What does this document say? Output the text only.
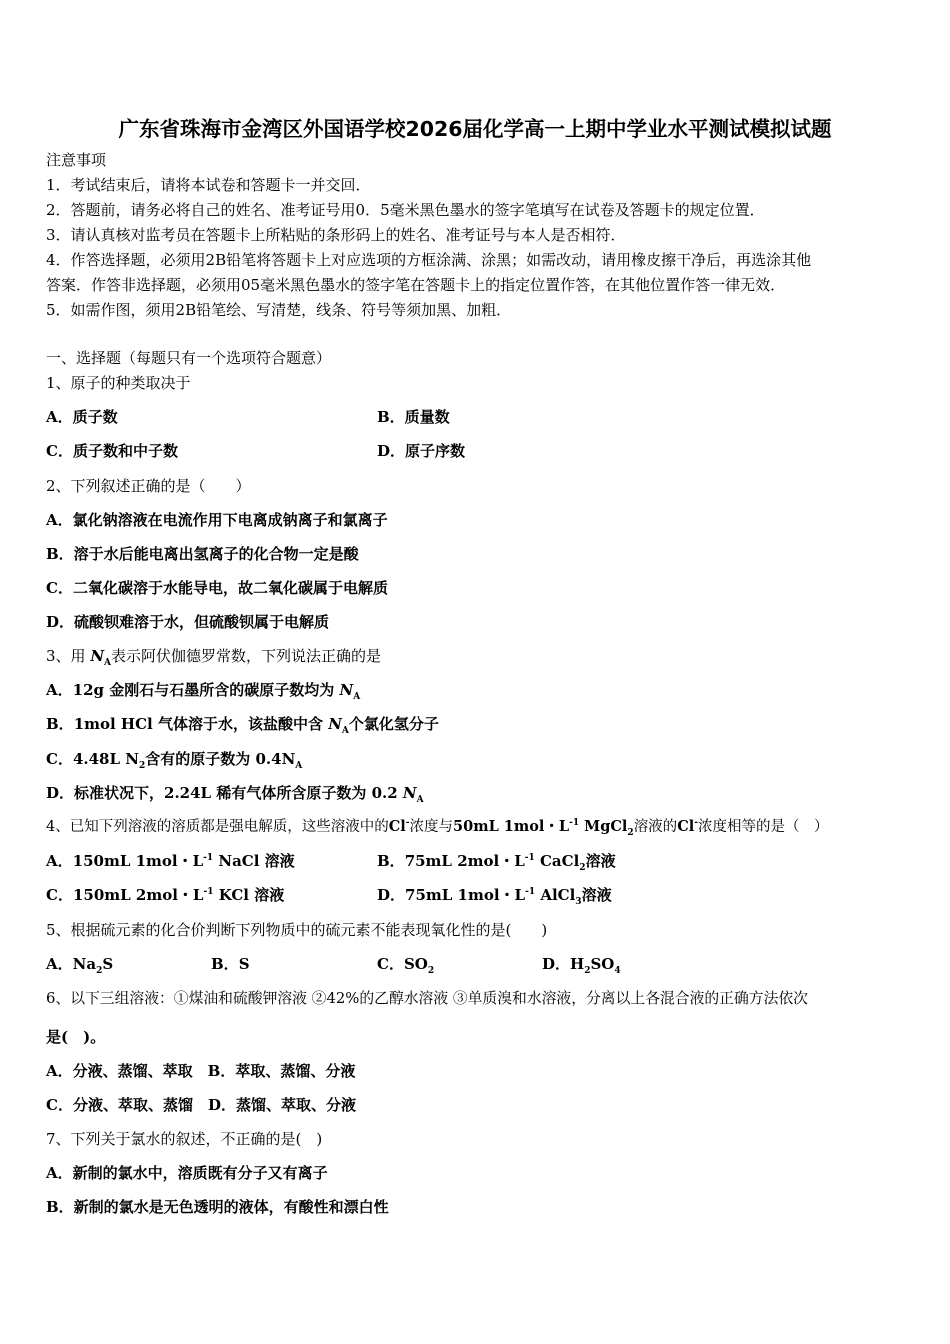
广东省珠海市金湾区外国语学校2026届化学高一上期中学业水平测试模拟试题
注意事项
1．考试结束后，请将本试卷和答题卡一并交回．
2．答题前，请务必将自己的姓名、准考证号用0．5毫米黑色墨水的签字笔填写在试卷及答题卡的规定位置．
3．请认真核对监考员在答题卡上所粘贴的条形码上的姓名、准考证号与本人是否相符．
4．作答选择题，必须用2B铅笔将答题卡上对应选项的方框涂满、涂黑；如需改动，请用橡皮擦干净后，再选涂其他
答案．作答非选择题，必须用05毫米黑色墨水的签字笔在答题卡上的指定位置作答，在其他位置作答一律无效．
5．如需作图，须用2B铅笔绘、写清楚，线条、符号等须加黑、加粗．
一、选择题（每题只有一个选项符合题意）
1、原子的种类取决于
A．质子数	B．质量数
C．质子数和中子数	D．原子序数
2、下列叙述正确的是（　　）
A．氯化钠溶液在电流作用下电离成钠离子和氯离子
B．溶于水后能电离出氢离子的化合物一定是酸
C．二氧化碳溶于水能导电，故二氧化碳属于电解质
D．硫酸钡难溶于水，但硫酸钡属于电解质
3、用 $N_A$表示阿伏伽德罗常数，下列说法正确的是
A．12g 金刚石与石墨所含的碳原子数均为 $N_A$
B．1mol HCl 气体溶于水，该盐酸中含 $N_A$个氯化氢分子
C．4.48L $N_2$含有的原子数为 $0.4N_A$
D．标准状况下，2.24L 稀有气体所含原子数为 0.2 $N_A$
4、已知下列溶液的溶质都是强电解质，这些溶液中的Cl-浓度与50mL 1mol・$L^{-1}$ MgCl$_2$溶液的Cl-浓度相等的是（　）
A．150mL 1mol・$L^{-1}$ NaCl 溶液	B．75mL 2mol・$L^{-1}$ CaCl$_2$溶液
C．150mL 2mol・$L^{-1}$ KCl 溶液	D．75mL 1mol・$L^{-1}$ AlCl$_3$溶液
5、根据硫元素的化合价判断下列物质中的硫元素不能表现氧化性的是(　　)
A．$Na_2S$	B．S	C．$SO_2$	D．$H_2SO_4$
6、以下三组溶液：①煤油和硫酸钾溶液 ②42%的乙醇水溶液 ③单质溴和水溶液，分离以上各混合液的正确方法依次
是(　)。
A．分液、蒸馏、萃取　B．萃取、蒸馏、分液
C．分液、萃取、蒸馏　D．蒸馏、萃取、分液
7、下列关于氯水的叙述，不正确的是(　)
A．新制的氯水中，溶质既有分子又有离子
B．新制的氯水是无色透明的液体，有酸性和漂白性
